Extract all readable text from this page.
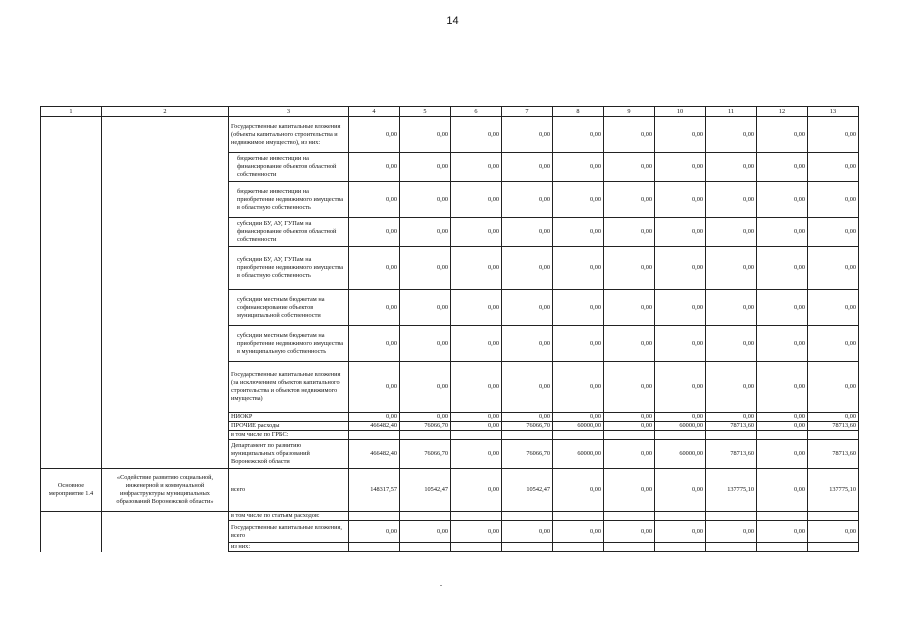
14
1	2	3	4	5	6	7	8	9	10	11	12	13
		Государственные капитальные вложения (объекты капитального строительства и недвижимое имущество), из них:	0,00	0,00	0,00	0,00	0,00	0,00	0,00	0,00	0,00	0,00
		бюджетные инвестиции на финансирование объектов областной собственности	0,00	0,00	0,00	0,00	0,00	0,00	0,00	0,00	0,00	0,00
		бюджетные инвестиции на приобретение недвижимого имущества в областную собственность	0,00	0,00	0,00	0,00	0,00	0,00	0,00	0,00	0,00	0,00
		субсидии БУ, АУ, ГУПам на финансирование объектов областной собственности	0,00	0,00	0,00	0,00	0,00	0,00	0,00	0,00	0,00	0,00
		субсидии БУ, АУ, ГУПам на приобретение недвижимого имущества в областную собственность	0,00	0,00	0,00	0,00	0,00	0,00	0,00	0,00	0,00	0,00
		субсидии местным бюджетам на софинансирование объектов муниципальной собственности	0,00	0,00	0,00	0,00	0,00	0,00	0,00	0,00	0,00	0,00
		субсидии местным бюджетам на приобретение недвижимого имущества в муниципальную собственность	0,00	0,00	0,00	0,00	0,00	0,00	0,00	0,00	0,00	0,00
		Государственные капитальные вложения (за исключением объектов капитального строительства и объектов недвижимого имущества)	0,00	0,00	0,00	0,00	0,00	0,00	0,00	0,00	0,00	0,00
		НИОКР	0,00	0,00	0,00	0,00	0,00	0,00	0,00	0,00	0,00	0,00
		ПРОЧИЕ расходы	466482,40	76066,70	0,00	76066,70	60000,00	0,00	60000,00	78713,60	0,00	78713,60
		в том числе по ГРБС:										
		Департамент по развитию муниципальных образований Воронежской области	466482,40	76066,70	0,00	76066,70	60000,00	0,00	60000,00	78713,60	0,00	78713,60
Основное мероприятие 1.4	«Содействие развитию социальной, инженерной и коммунальной инфраструктуры муниципальных образований Воронежской области»	всего	148317,57	10542,47	0,00	10542,47	0,00	0,00	0,00	137775,10	0,00	137775,10
		в том числе по статьям расходов:										
		Государственные капитальные вложения, всего	0,00	0,00	0,00	0,00	0,00	0,00	0,00	0,00	0,00	0,00
		из них:										
